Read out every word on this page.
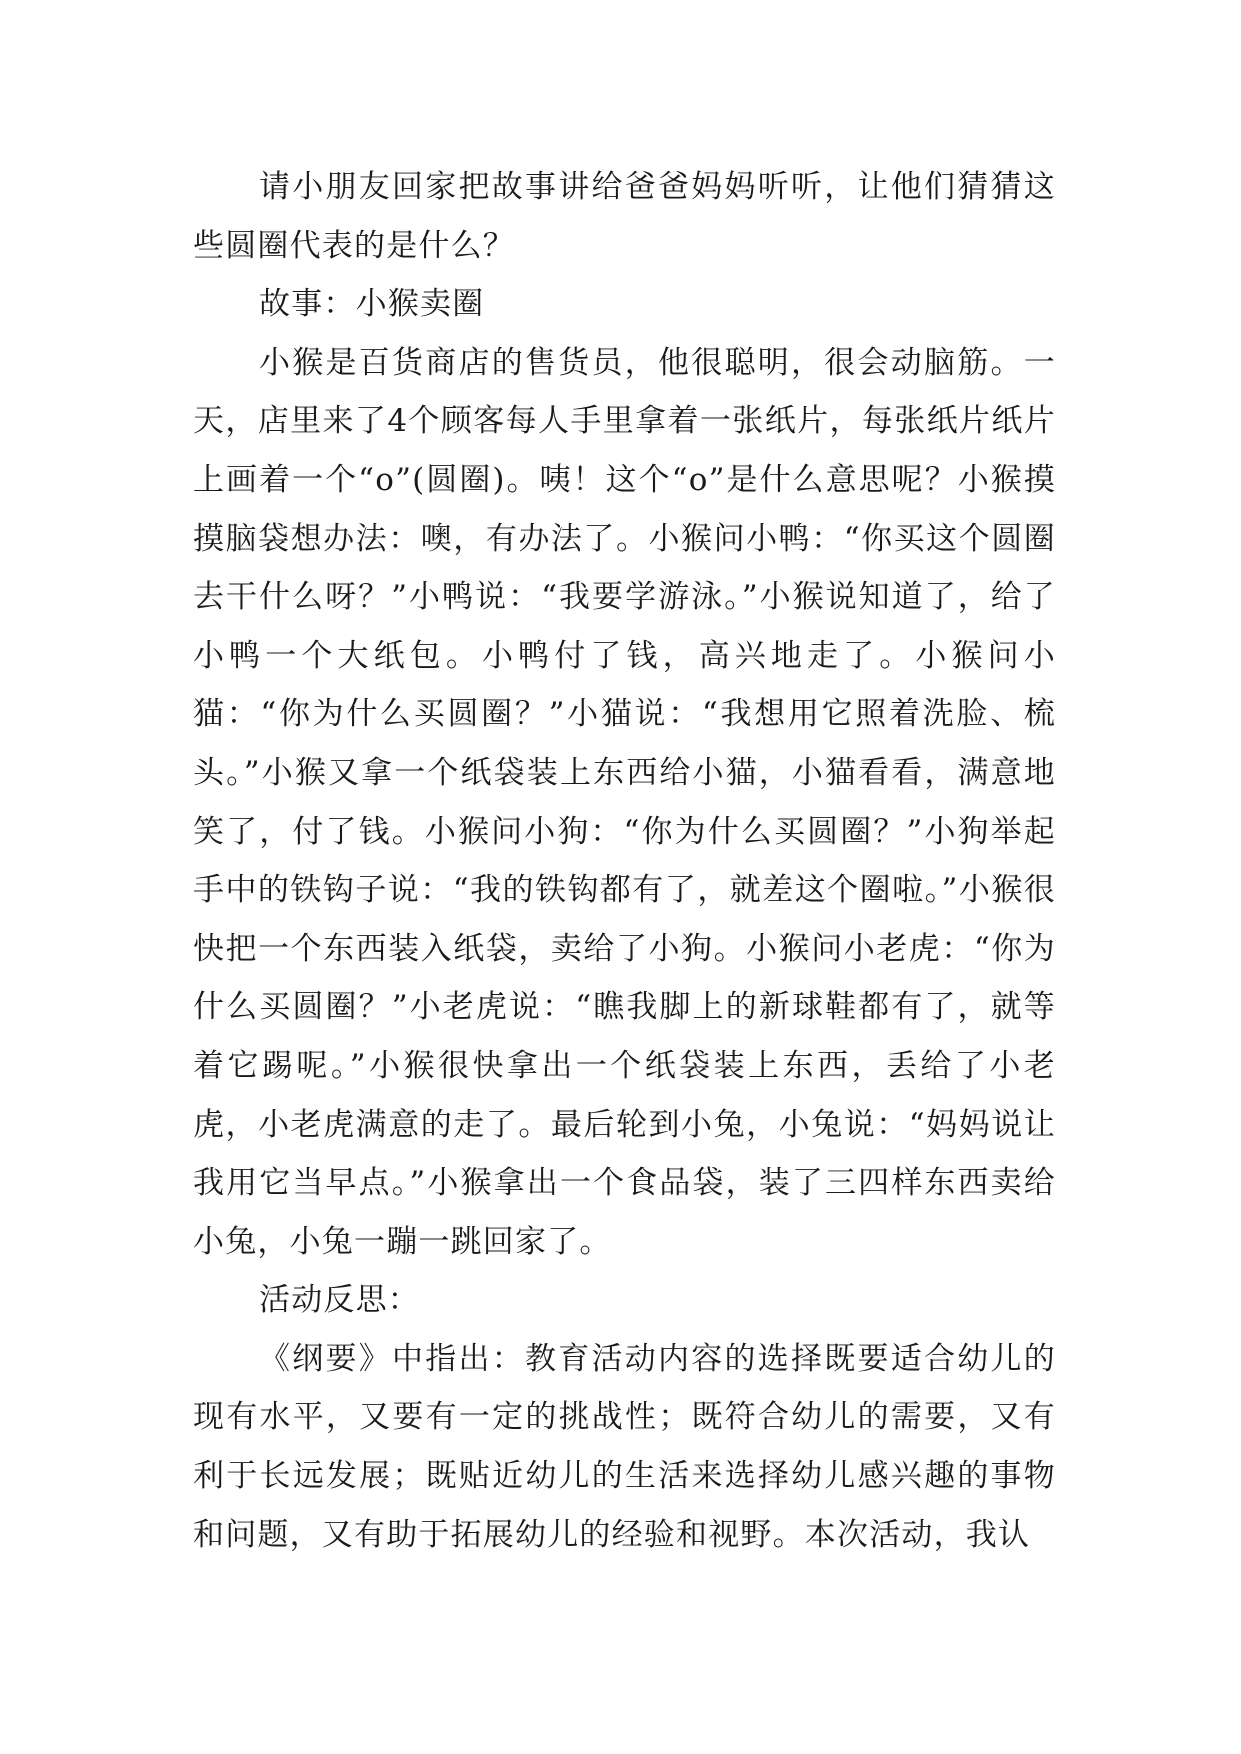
请小朋友回家把故事讲给爸爸妈妈听听，让他们猜猜这些圆圈代表的是什么？

故事：小猴卖圈

小猴是百货商店的售货员，他很聪明，很会动脑筋。一天，店里来了4个顾客每人手里拿着一张纸片，每张纸片纸片上画着一个“o”(圆圈)。咦！这个“o”是什么意思呢？小猴摸摸脑袋想办法：噢，有办法了。小猴问小鸭：“你买这个圆圈去干什么呀？”小鸭说：“我要学游泳。”小猴说知道了，给了小鸭一个大纸包。小鸭付了钱，高兴地走了。小猴问小猫：“你为什么买圆圈？”小猫说：“我想用它照着洗脸、梳头。”小猴又拿一个纸袋装上东西给小猫，小猫看看，满意地笑了，付了钱。小猴问小狗：“你为什么买圆圈？”小狗举起手中的铁钩子说：“我的铁钩都有了，就差这个圈啦。”小猴很快把一个东西装入纸袋，卖给了小狗。小猴问小老虎：“你为什么买圆圈？”小老虎说：“瞧我脚上的新球鞋都有了，就等着它踢呢。”小猴很快拿出一个纸袋装上东西，丢给了小老虎，小老虎满意的走了。最后轮到小兔，小兔说：“妈妈说让我用它当早点。”小猴拿出一个食品袋，装了三四样东西卖给小兔，小兔一蹦一跳回家了。

活动反思：

《纲要》中指出：教育活动内容的选择既要适合幼儿的现有水平，又要有一定的挑战性；既符合幼儿的需要，又有利于长远发展；既贴近幼儿的生活来选择幼儿感兴趣的事物和问题，又有助于拓展幼儿的经验和视野。本次活动，我认
